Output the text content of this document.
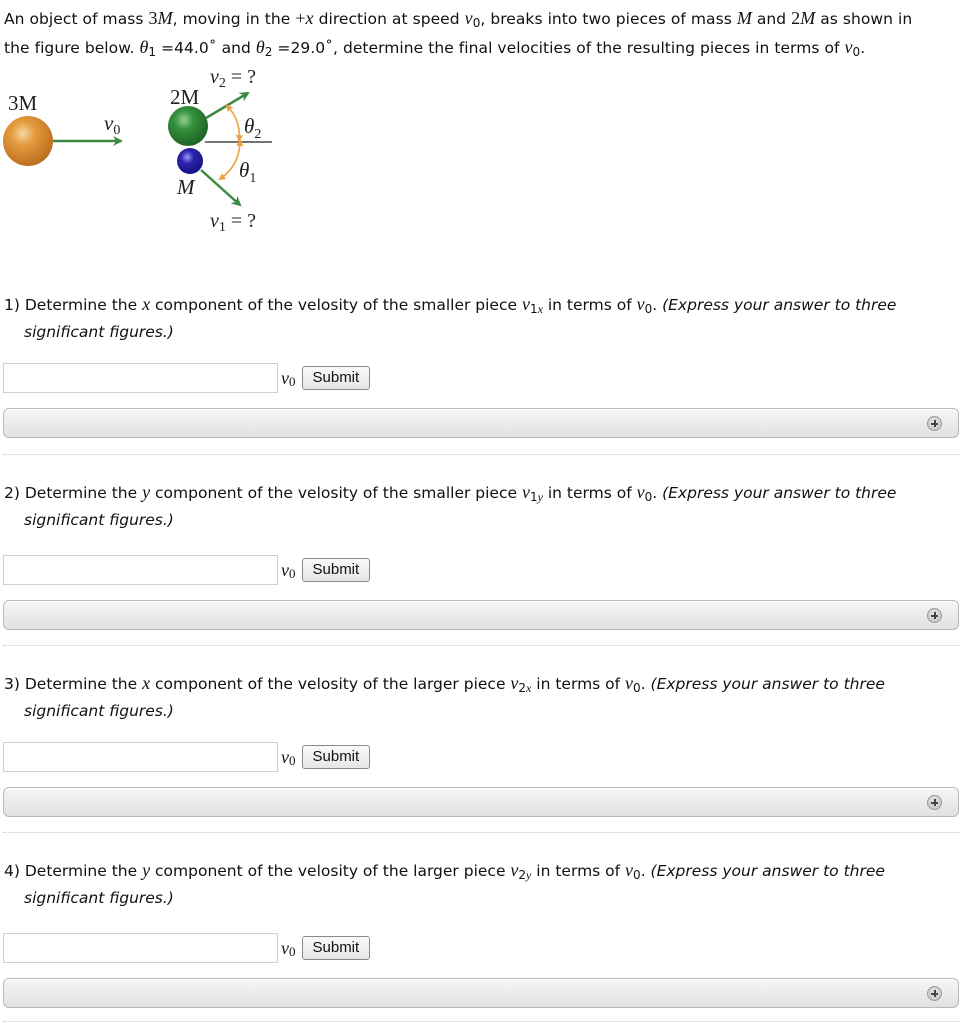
An object of mass 3M, moving in the +x direction at speed $v_0$, breaks into two pieces of mass M and 2M as shown in
the figure below. $\theta_1$ =44.0˚ and $\theta_2$ =29.0˚, determine the final velocities of the resulting pieces in terms of $v_0$.
3M
v0
2M
M
$v_2$ = ?
$v_1$ = ?
$\theta_2$
$\theta_1$
1) Determine the x component of the velosity of the smaller piece $v_1x$ in terms of $v_0$. (Express your answer to three
significant figures.)
v0	Submit
2) Determine the y component of the velosity of the smaller piece $v_1y$ in terms of $v_0$. (Express your answer to three
significant figures.)
v0	Submit
3) Determine the x component of the velosity of the larger piece $v_2x$ in terms of $v_0$. (Express your answer to three
significant figures.)
v0	Submit
4) Determine the y component of the velosity of the larger piece $v_2y$ in terms of $v_0$. (Express your answer to three
significant figures.)
v0	Submit
